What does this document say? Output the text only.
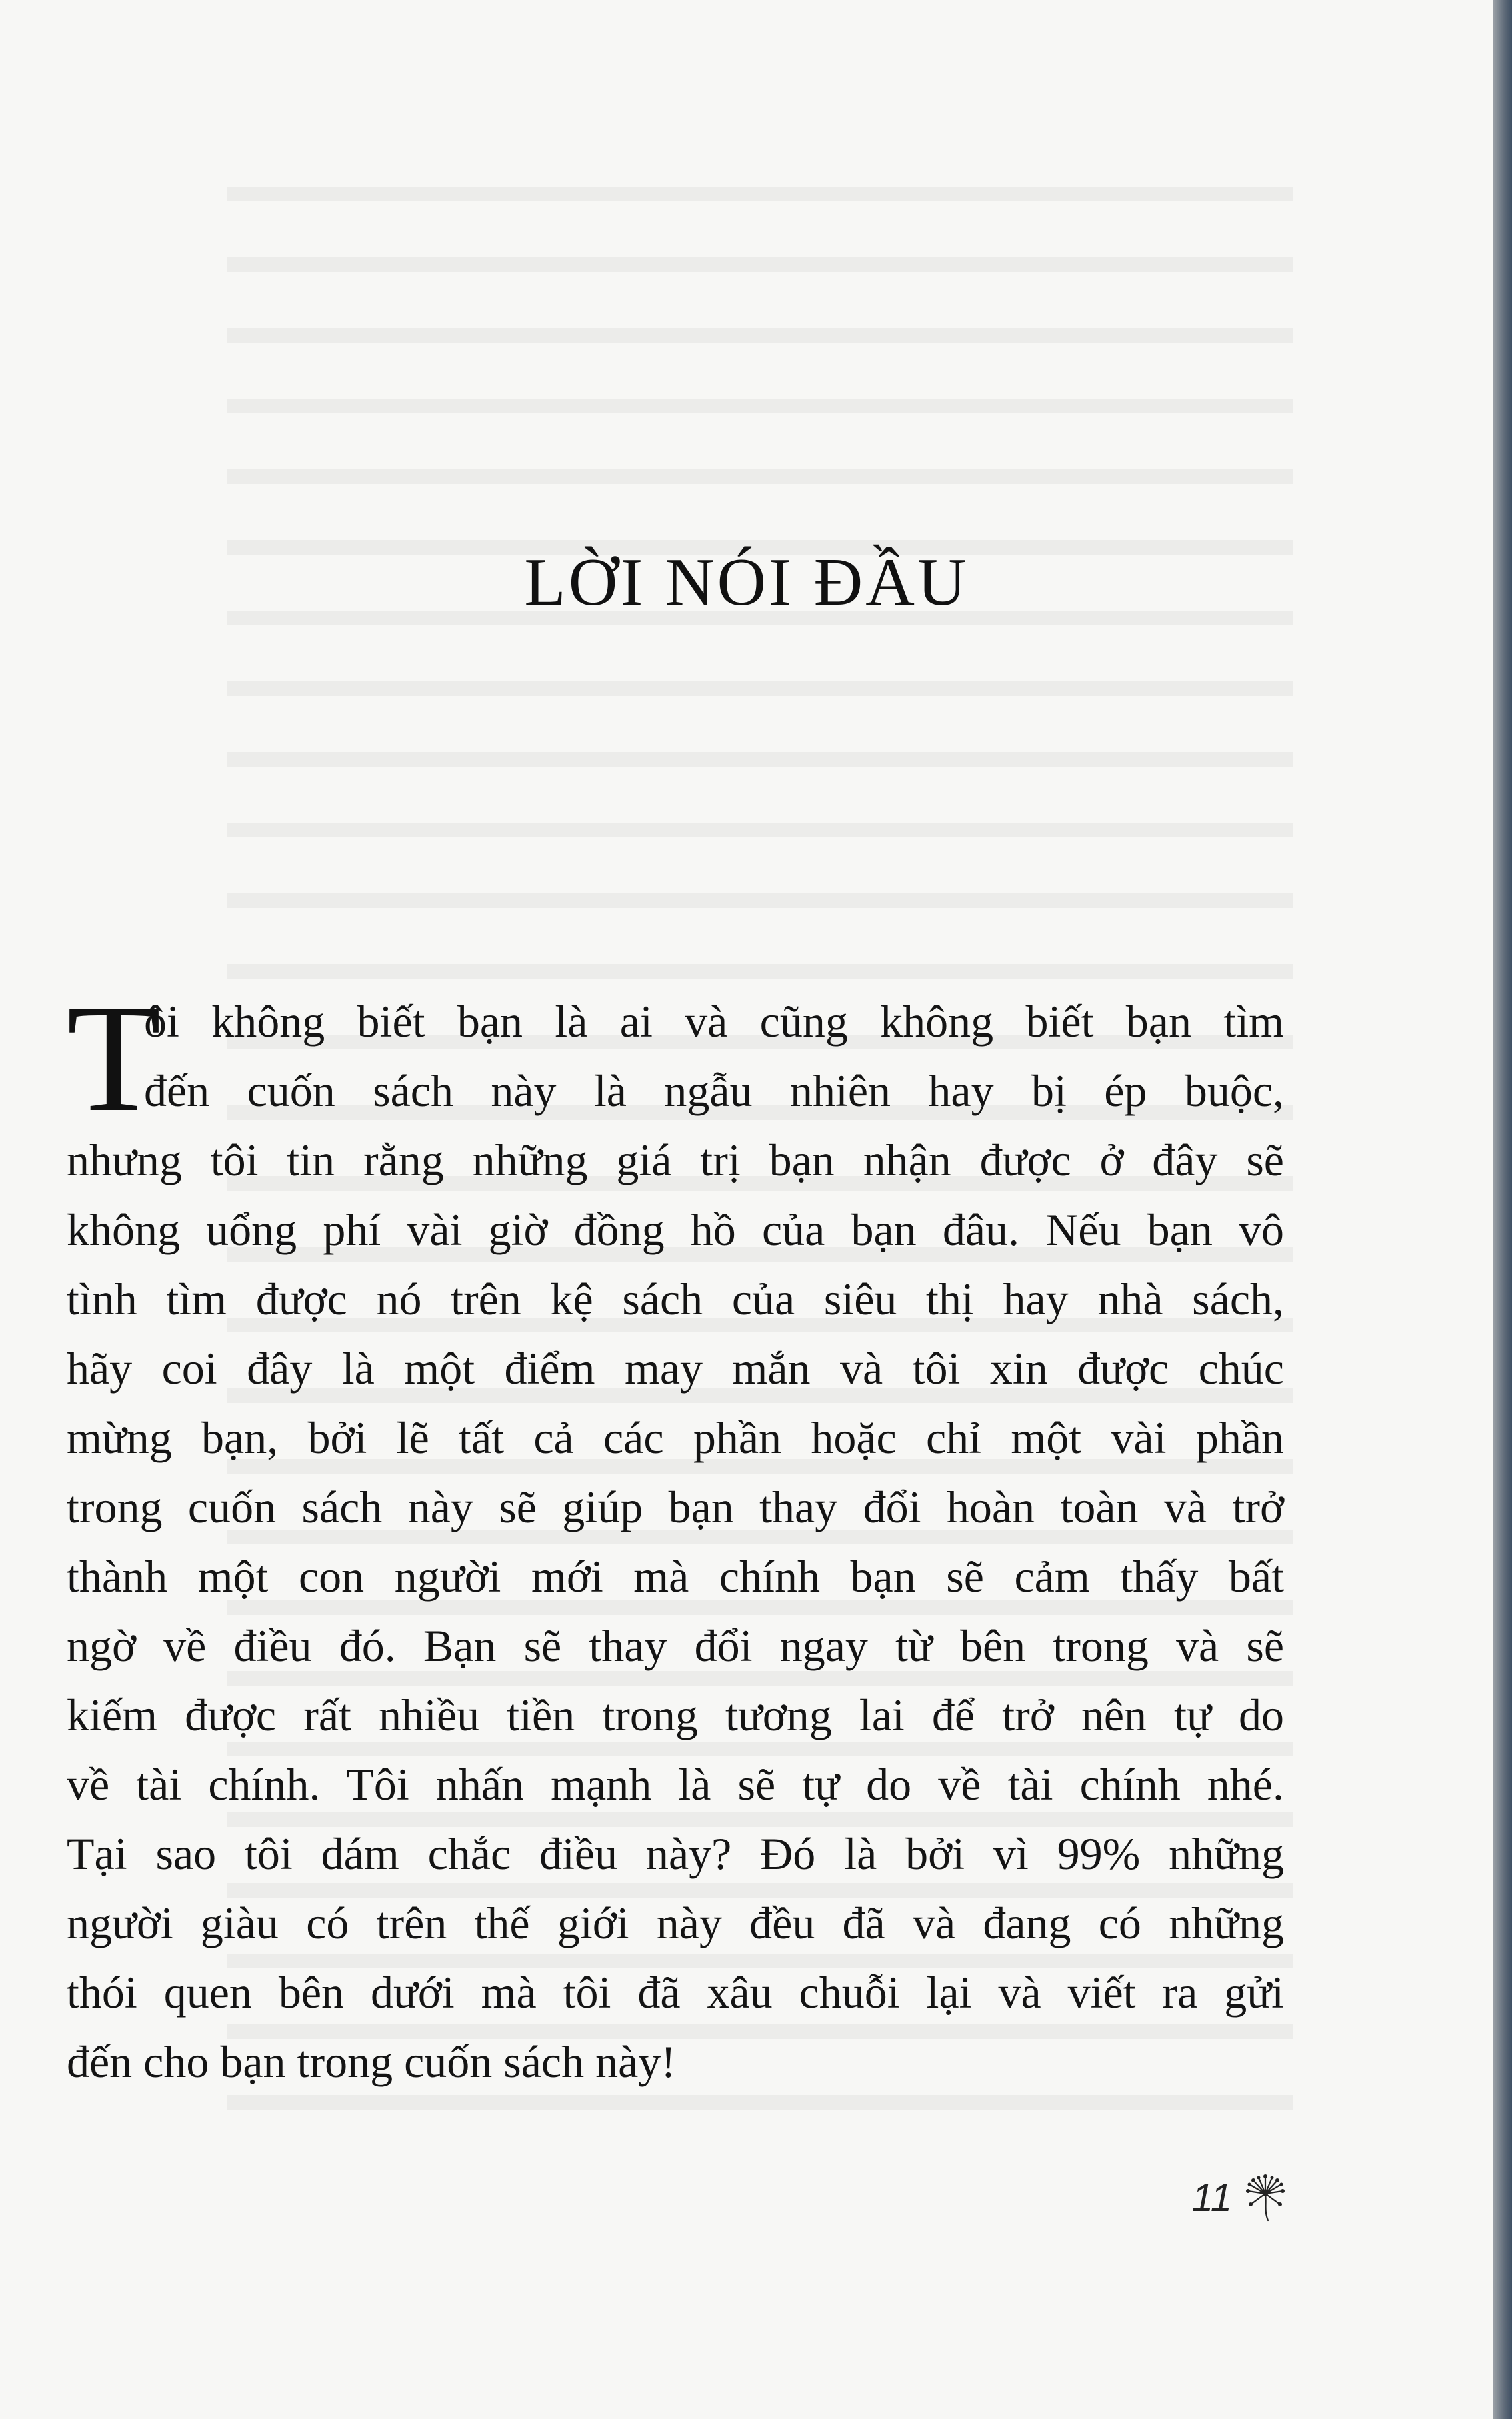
LỜI NÓI ĐẦU
T
ôi không biết bạn là ai và cũng không biết bạn tìm
đến cuốn sách này là ngẫu nhiên hay bị ép buộc,
nhưng tôi tin rằng những giá trị bạn nhận được ở đây sẽ
không uổng phí vài giờ đồng hồ của bạn đâu. Nếu bạn vô
tình tìm được nó trên kệ sách của siêu thị hay nhà sách,
hãy coi đây là một điểm may mắn và tôi xin được chúc
mừng bạn, bởi lẽ tất cả các phần hoặc chỉ một vài phần
trong cuốn sách này sẽ giúp bạn thay đổi hoàn toàn và trở
thành một con người mới mà chính bạn sẽ cảm thấy bất
ngờ về điều đó. Bạn sẽ thay đổi ngay từ bên trong và sẽ
kiếm được rất nhiều tiền trong tương lai để trở nên tự do
về tài chính. Tôi nhấn mạnh là sẽ tự do về tài chính nhé.
Tại sao tôi dám chắc điều này? Đó là bởi vì 99% những
người giàu có trên thế giới này đều đã và đang có những
thói quen bên dưới mà tôi đã xâu chuỗi lại và viết ra gửi
đến cho bạn trong cuốn sách này!
11
